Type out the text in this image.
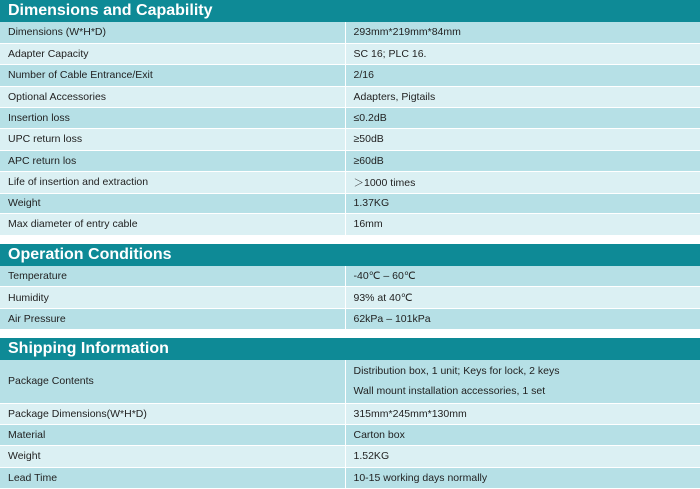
Dimensions and Capability
Dimensions (W*H*D)	293mm*219mm*84mm
Adapter Capacity	SC 16; PLC 16.
Number of Cable Entrance/Exit	2/16
Optional Accessories	Adapters, Pigtails
Insertion loss	≤0.2dB
UPC return loss	≥50dB
APC return los	≥60dB
Life of insertion and extraction	＞1000 times
Weight	1.37KG
Max diameter of entry cable	16mm
Operation Conditions
Temperature	-40℃ – 60℃
Humidity	93% at 40℃
Air Pressure	62kPa – 101kPa
Shipping Information
Package Contents	Distribution box, 1 unit; Keys for lock, 2 keys
Wall mount installation accessories, 1 set

Package Dimensions(W*H*D)	315mm*245mm*130mm
Material	Carton box
Weight	1.52KG
Lead Time	10-15 working days normally
